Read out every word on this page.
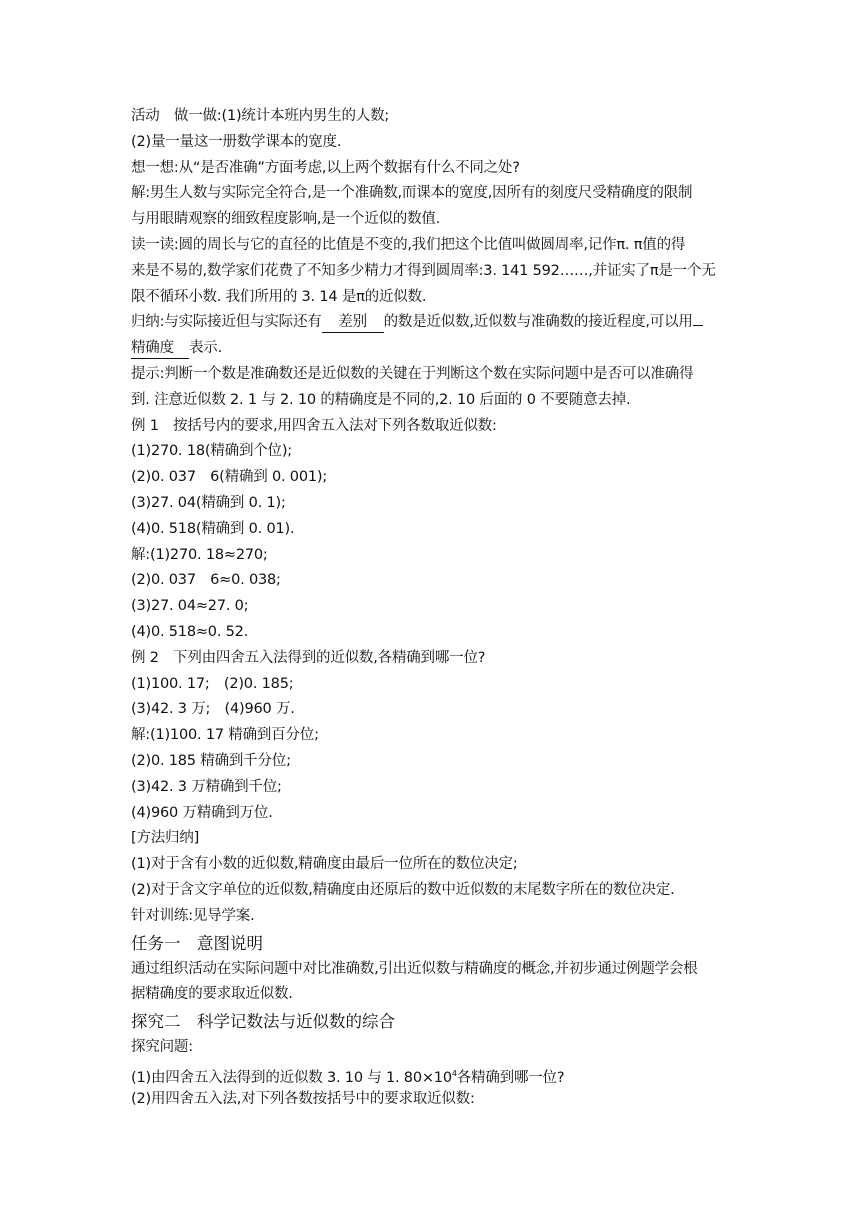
活动　做一做:(1)统计本班内男生的人数;
(2)量一量这一册数学课本的宽度.
想一想:从“是否准确”方面考虑,以上两个数据有什么不同之处?
解:男生人数与实际完全符合,是一个准确数,而课本的宽度,因所有的刻度尺受精确度的限制
与用眼睛观察的细致程度影响,是一个近似的数值.
读一读:圆的周长与它的直径的比值是不变的,我们把这个比值叫做圆周率,记作π. π值的得
来是不易的,数学家们花费了不知多少精力才得到圆周率:3. 141 592……,并证实了π是一个无
限不循环小数. 我们所用的 3. 14 是π的近似数.
归纳:与实际接近但与实际还有 差别 的数是近似数,近似数与准确数的接近程度,可以用
精确度 表示.
提示:判断一个数是准确数还是近似数的关键在于判断这个数在实际问题中是否可以准确得
到. 注意近似数 2. 1 与 2. 10 的精确度是不同的,2. 10 后面的 0 不要随意去掉.
例 1　按括号内的要求,用四舍五入法对下列各数取近似数:
(1)270. 18(精确到个位);
(2)0. 037　6(精确到 0. 001);
(3)27. 04(精确到 0. 1);
(4)0. 518(精确到 0. 01).
解:(1)270. 18≈270;
(2)0. 037　6≈0. 038;
(3)27. 04≈27. 0;
(4)0. 518≈0. 52.
例 2　下列由四舍五入法得到的近似数,各精确到哪一位?
(1)100. 17;　(2)0. 185;
(3)42. 3 万;　(4)960 万.
解:(1)100. 17 精确到百分位;
(2)0. 185 精确到千分位;
(3)42. 3 万精确到千位;
(4)960 万精确到万位.
[方法归纳]
(1)对于含有小数的近似数,精确度由最后一位所在的数位决定;
(2)对于含文字单位的近似数,精确度由还原后的数中近似数的末尾数字所在的数位决定.
针对训练:见导学案.
任务一　意图说明
通过组织活动在实际问题中对比准确数,引出近似数与精确度的概念,并初步通过例题学会根
据精确度的要求取近似数.
探究二　科学记数法与近似数的综合
探究问题:
(1)由四舍五入法得到的近似数 3. 10 与 1. $80\times 10^4$各精确到哪一位?
(2)用四舍五入法,对下列各数按括号中的要求取近似数:
